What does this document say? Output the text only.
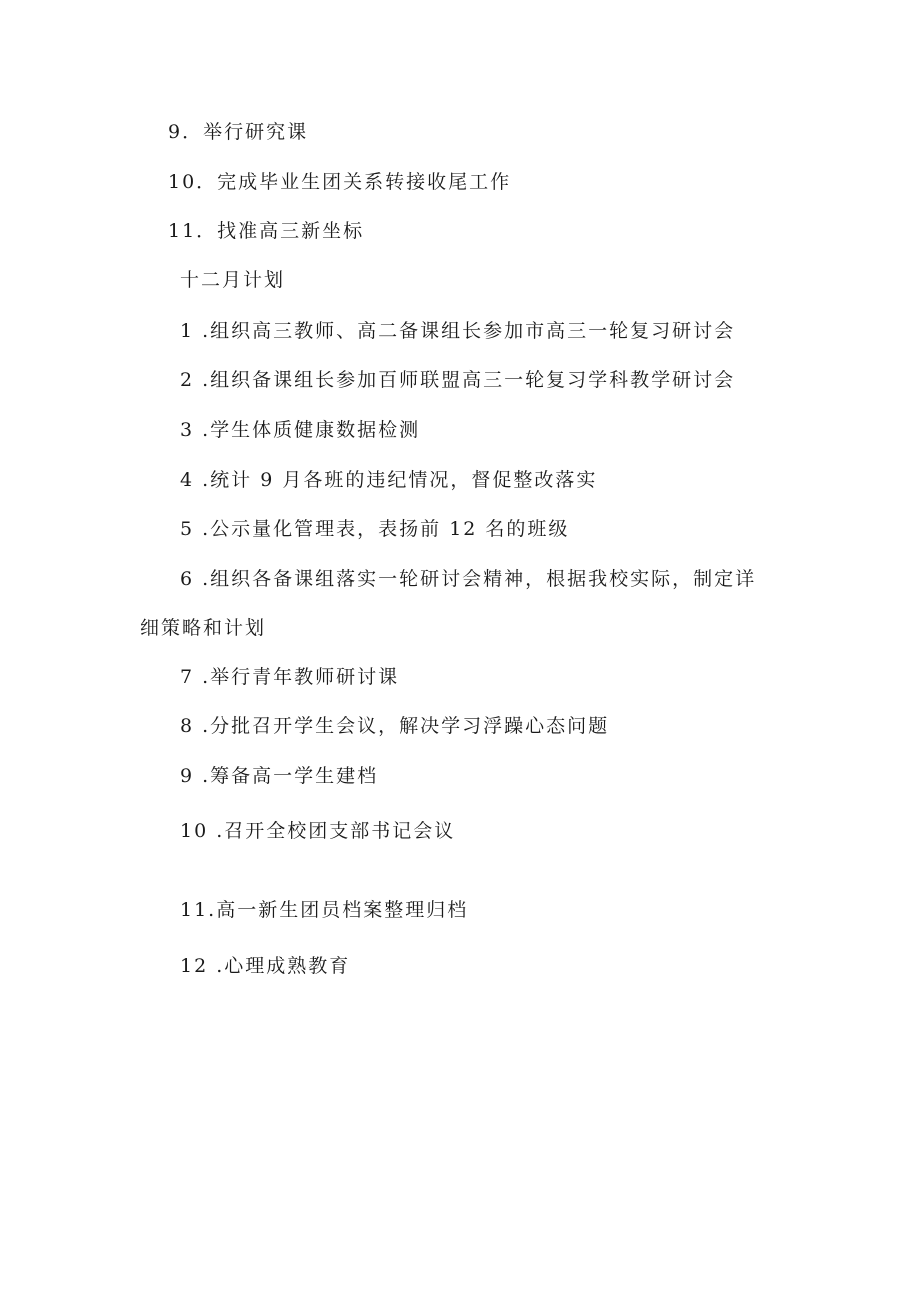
9．举行研究课
10．完成毕业生团关系转接收尾工作
11．找准高三新坐标
十二月计划
1 .组织高三教师、高二备课组长参加市高三一轮复习研讨会
2 .组织备课组长参加百师联盟高三一轮复习学科教学研讨会
3 .学生体质健康数据检测
4 .统计 9 月各班的违纪情况，督促整改落实
5 .公示量化管理表，表扬前 12 名的班级
6 .组织各备课组落实一轮研讨会精神，根据我校实际，制定详
细策略和计划
7 .举行青年教师研讨课
8 .分批召开学生会议，解决学习浮躁心态问题
9 .筹备高一学生建档
10 .召开全校团支部书记会议
11.高一新生团员档案整理归档
12 .心理成熟教育
